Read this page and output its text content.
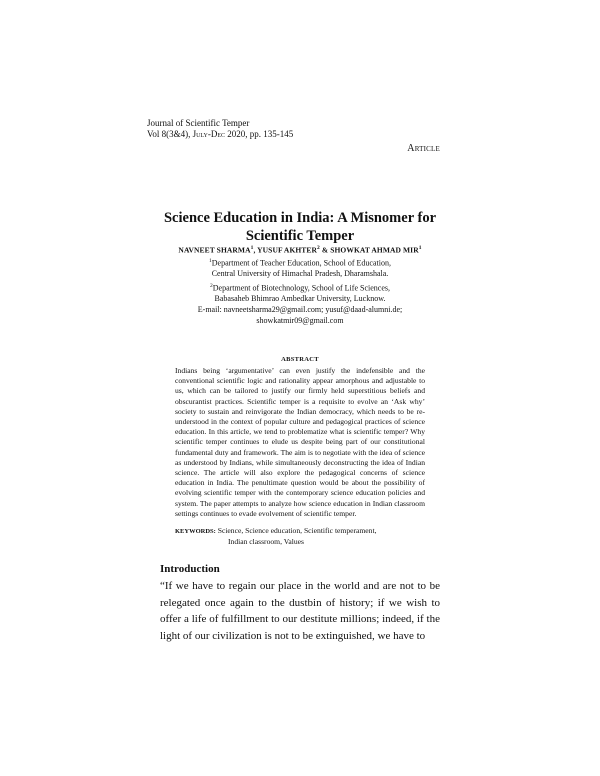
Journal of Scientific Temper
Vol 8(3&4), July-Dec 2020, pp. 135-145
Article
Science Education in India: A Misnomer for Scientific Temper
NAVNEET SHARMA$^1$, YUSUF AKHTER$^2$ & SHOWKAT AHMAD MIR$^1$
$^1$Department of Teacher Education, School of Education,
Central University of Himachal Pradesh, Dharamshala.
$^2$Department of Biotechnology, School of Life Sciences,
Babasaheb Bhimrao Ambedkar University, Lucknow.
E-mail: navneetsharma29@gmail.com; yusuf@daad-alumni.de;
showkatmir09@gmail.com
ABSTRACT
Indians being ‘argumentative’ can even justify the indefensible and the conventional scientific logic and rationality appear amorphous and adjustable to us, which can be tailored to justify our firmly held superstitious beliefs and obscurantist practices. Scientific temper is a requisite to evolve an ‘Ask why’ society to sustain and reinvigorate the Indian democracy, which needs to be re-understood in the context of popular culture and pedagogical practices of science education. In this article, we tend to problematize what is scientific temper? Why scientific temper continues to elude us despite being part of our constitutional fundamental duty and framework. The aim is to negotiate with the idea of science as understood by Indians, while simultaneously deconstructing the idea of Indian science. The article will also explore the pedagogical concerns of science education in India. The penultimate question would be about the possibility of evolving scientific temper with the contemporary science education policies and system. The paper attempts to analyze how science education in Indian classroom settings continues to evade evolvement of scientific temper.
KEYWORDS: Science, Science education, Scientific temperament,
Indian classroom, Values
Introduction
“If we have to regain our place in the world and are not to be relegated once again to the dustbin of history; if we wish to offer a life of fulfillment to our destitute millions; indeed, if the light of our civilization is not to be extinguished, we have to
